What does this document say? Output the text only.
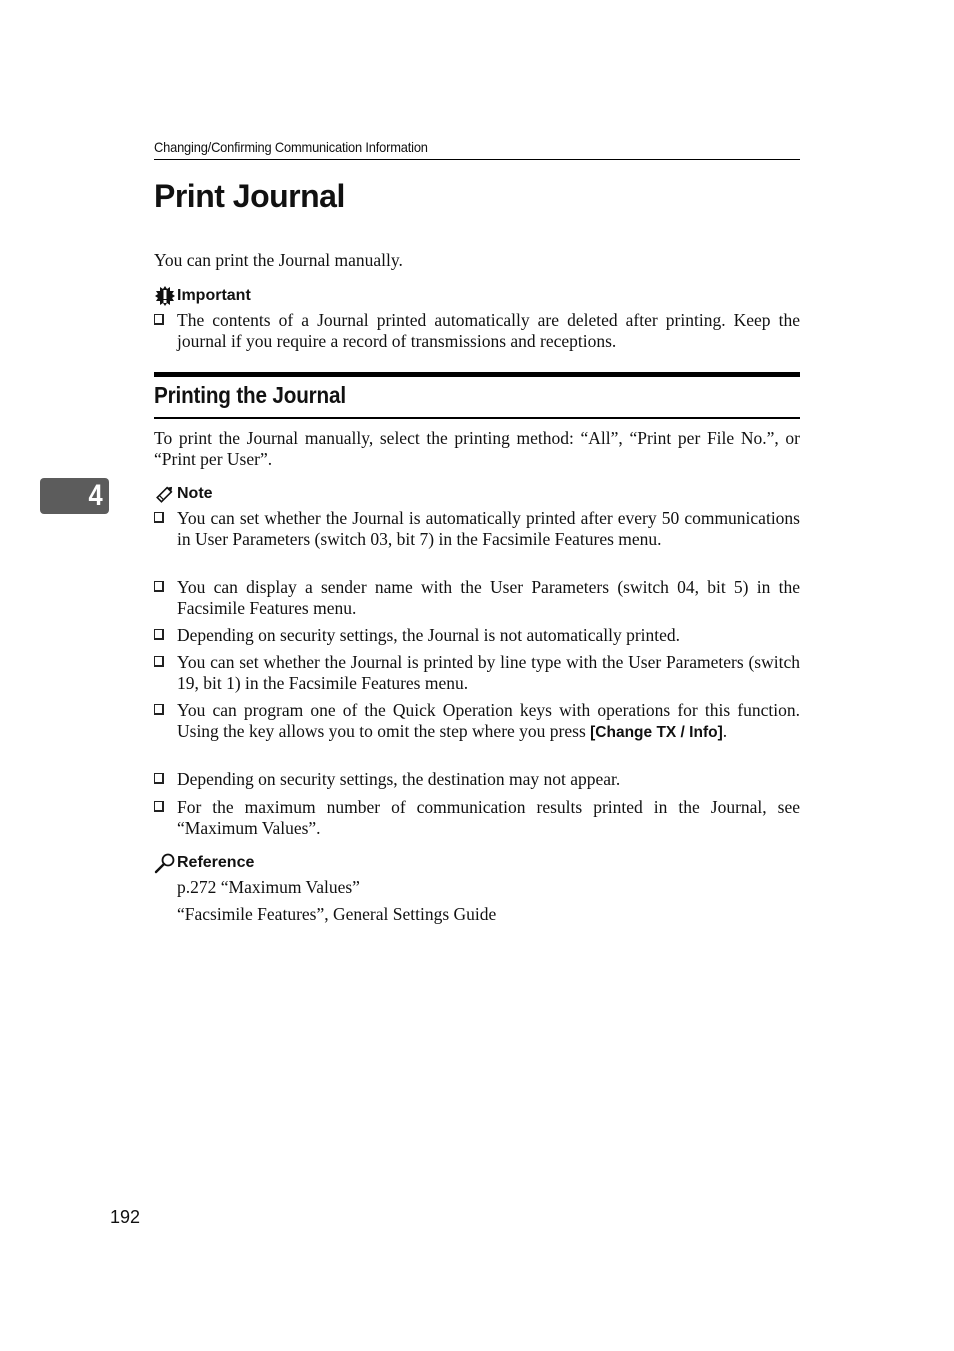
Changing/Confirming Communication Information
Print Journal

You can print the Journal manually.

Important
The contents of a Journal printed automatically are deleted after printing. Keep the journal if you require a record of transmissions and receptions.
Printing the Journal

To print the Journal manually, select the printing method: “All”, “Print per File No.”, or “Print per User”.

4	Note
You can set whether the Journal is automatically printed after every 50 communications in User Parameters (switch 03, bit 7) in the Facsimile Features menu.
You can display a sender name with the User Parameters (switch 04, bit 5) in the Facsimile Features menu.
Depending on security settings, the Journal is not automatically printed.
You can set whether the Journal is printed by line type with the User Parameters (switch 19, bit 1) in the Facsimile Features menu.
You can program one of the Quick Operation keys with operations for this function. Using the key allows you to omit the step where you press [Change TX / Info].
Depending on security settings, the destination may not appear.
For the maximum number of communication results printed in the Journal, see “Maximum Values”.
Reference
p.272 “Maximum Values”
“Facsimile Features”, General Settings Guide
192
